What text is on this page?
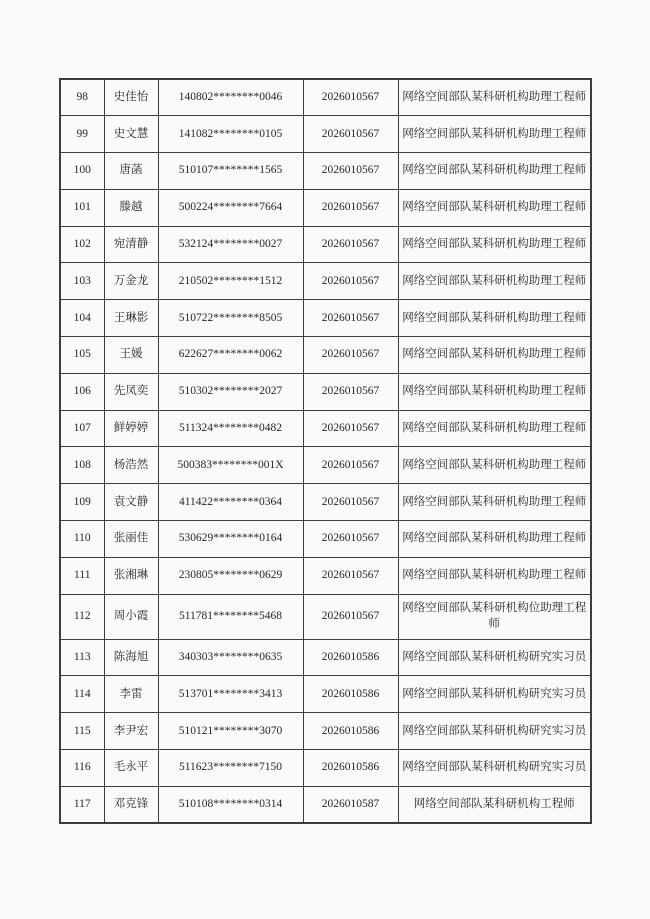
98	史佳怡	140802********0046	2026010567	网络空间部队某科研机构助理工程师
99	史文慧	141082********0105	2026010567	网络空间部队某科研机构助理工程师
100	唐菡	510107********1565	2026010567	网络空间部队某科研机构助理工程师
101	滕越	500224********7664	2026010567	网络空间部队某科研机构助理工程师
102	宛清静	532124********0027	2026010567	网络空间部队某科研机构助理工程师
103	万金龙	210502********1512	2026010567	网络空间部队某科研机构助理工程师
104	王琳影	510722********8505	2026010567	网络空间部队某科研机构助理工程师
105	王媛	622627********0062	2026010567	网络空间部队某科研机构助理工程师
106	先凤奕	510302********2027	2026010567	网络空间部队某科研机构助理工程师
107	鲜婷婷	511324********0482	2026010567	网络空间部队某科研机构助理工程师
108	杨浩然	500383********001X	2026010567	网络空间部队某科研机构助理工程师
109	袁文静	411422********0364	2026010567	网络空间部队某科研机构助理工程师
110	张丽佳	530629********0164	2026010567	网络空间部队某科研机构助理工程师
111	张湘琳	230805********0629	2026010567	网络空间部队某科研机构助理工程师
112	周小霞	511781********5468	2026010567	网络空间部队某科研机构位助理工程师
113	陈海旭	340303********0635	2026010586	网络空间部队某科研机构研究实习员
114	李雷	513701********3413	2026010586	网络空间部队某科研机构研究实习员
115	李尹宏	510121********3070	2026010586	网络空间部队某科研机构研究实习员
116	毛永平	511623********7150	2026010586	网络空间部队某科研机构研究实习员
117	邓克锋	510108********0314	2026010587	网络空间部队某科研机构工程师
